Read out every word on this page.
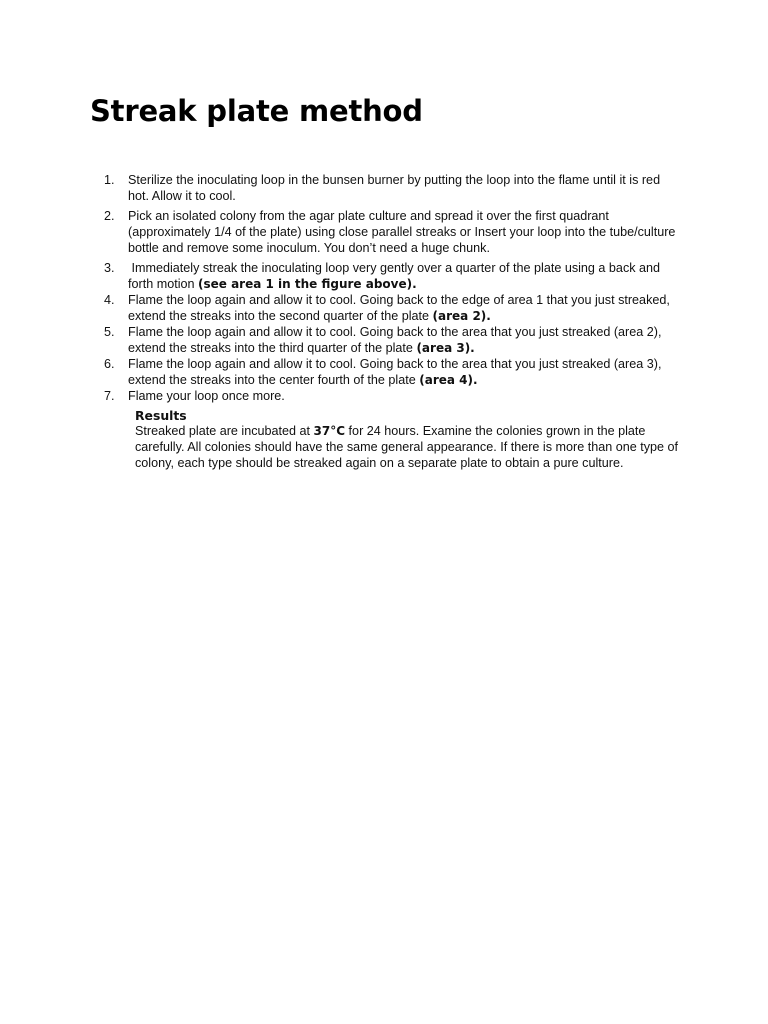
Streak plate method
1.	Sterilize the inoculating loop in the bunsen burner by putting the loop into the flame until it is red hot. Allow it to cool.
2.	Pick an isolated colony from the agar plate culture and spread it over the first quadrant (approximately 1/4 of the plate) using close parallel streaks or Insert your loop into the tube/culture bottle and remove some inoculum. You don’t need a huge chunk.
3.	Immediately streak the inoculating loop very gently over a quarter of the plate using a back and forth motion (see area 1 in the figure above).
4.	Flame the loop again and allow it to cool. Going back to the edge of area 1 that you just streaked, extend the streaks into the second quarter of the plate (area 2).
5.	Flame the loop again and allow it to cool. Going back to the area that you just streaked (area 2), extend the streaks into the third quarter of the plate (area 3).
6.	Flame the loop again and allow it to cool. Going back to the area that you just streaked (area 3), extend the streaks into the center fourth of the plate (area 4).
7.	Flame your loop once more.

Results

Streaked plate are incubated at 37°C for 24 hours. Examine the colonies grown in the plate carefully. All colonies should have the same general appearance. If there is more than one type of colony, each type should be streaked again on a separate plate to obtain a pure culture.
